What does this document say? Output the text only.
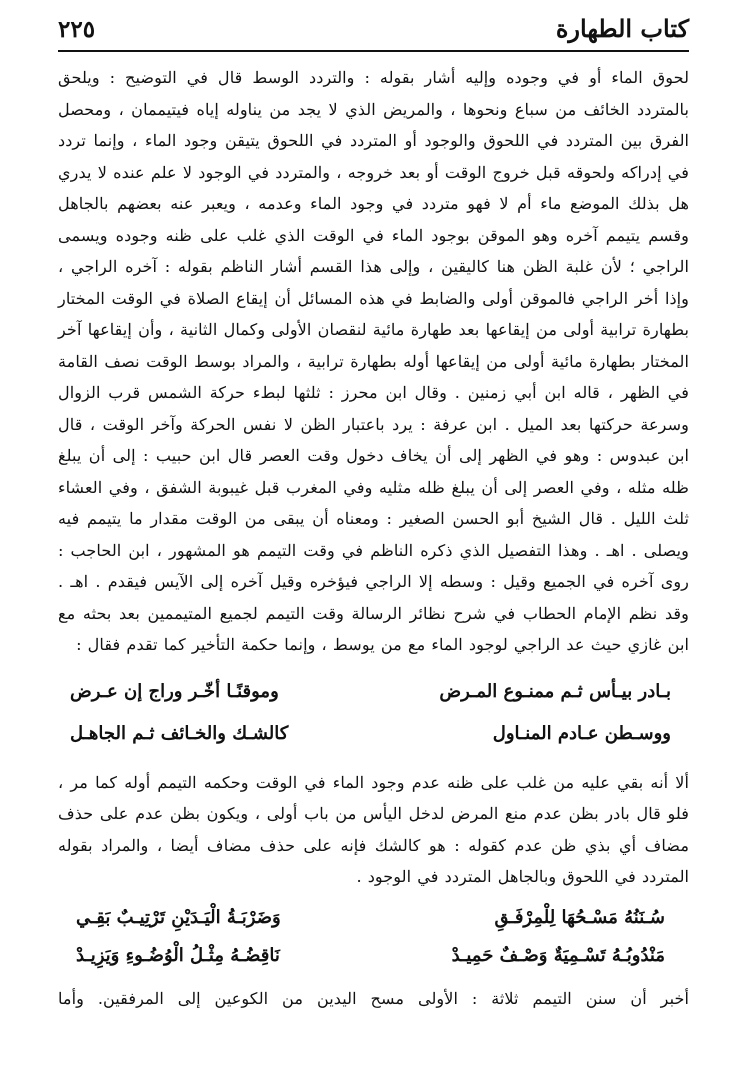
كتاب الطهارة
٢٢٥

لحوق الماء أو في وجوده وإليه أشار بقوله : والتردد الوسط قال في التوضيح : ويلحق بالمتردد الخائف من سباع ونحوها ، والمريض الذي لا يجد من يناوله إياه فيتيممان ، ومحصل الفرق بين المتردد في اللحوق والوجود أو المتردد في اللحوق يتيقن وجود الماء ، وإنما تردد في إدراكه ولحوقه قبل خروج الوقت أو بعد خروجه ، والمتردد في الوجود لا علم عنده لا يدري هل بذلك الموضع ماء أم لا فهو متردد في وجود الماء وعدمه ، ويعبر عنه بعضهم بالجاهل وقسم يتيمم آخره وهو الموقن بوجود الماء في الوقت الذي غلب على ظنه وجوده ويسمى الراجي ؛ لأن غلبة الظن هنا كاليقين ، وإلى هذا القسم أشار الناظم بقوله : آخره الراجي ، وإذا أخر الراجي فالموقن أولى والضابط في هذه المسائل أن إيقاع الصلاة في الوقت المختار بطهارة ترابية أولى من إيقاعها بعد طهارة مائية لنقصان الأولى وكمال الثانية ، وأن إيقاعها آخر المختار بطهارة مائية أولى من إيقاعها أوله بطهارة ترابية ، والمراد بوسط الوقت نصف القامة في الظهر ، قاله ابن أبي زمنين . وقال ابن محرز : ثلثها لبطء حركة الشمس قرب الزوال وسرعة حركتها بعد الميل . ابن عرفة : يرد باعتبار الظن لا نفس الحركة وآخر الوقت ، قال ابن عبدوس : وهو في الظهر إلى أن يخاف دخول وقت العصر قال ابن حبيب : إلى أن يبلغ ظله مثله ، وفي العصر إلى أن يبلغ ظله مثليه وفي المغرب قبل غيبوبة الشفق ، وفي العشاء ثلث الليل . قال الشيخ أبو الحسن الصغير : ومعناه أن يبقى من الوقت مقدار ما يتيمم فيه ويصلى . اهـ . وهذا التفصيل الذي ذكره الناظم في وقت التيمم هو المشهور ، ابن الحاجب : روى آخره في الجميع وقيل : وسطه إلا الراجي فيؤخره وقيل آخره إلى الآيس فيقدم . اهـ . وقد نظم الإمام الحطاب في شرح نظائر الرسالة وقت التيمم لجميع المتيممين بعد بحثه مع ابن غازي حيث عد الراجي لوجود الماء مع من يوسط ، وإنما حكمة التأخير كما تقدم فقال :

بـادر بيـأس ثـم ممنـوع المـرض
وموقنًـا أخّـر وراج إن عـرض
ووسـطن عـادم المنـاول
كالشـك والخـائف ثـم الجاهـل

ألا أنه بقي عليه من غلب على ظنه عدم وجود الماء في الوقت وحكمه التيمم أوله كما مر ، فلو قال بادر بظن عدم منع المرض لدخل اليأس من باب أولى ، ويكون بظن عدم على حذف مضاف أي بذي ظن عدم كقوله : هو كالشك فإنه على حذف مضاف أيضا ، والمراد بقوله المتردد في اللحوق وبالجاهل المتردد في الوجود .

سُـنَنُهُ مَسْـحُهَا لِلْمِرْفَـقِ
وَضَرْبَـةُ الْيَـدَيْنِ تَرْتِيـبٌ بَقِـي
مَنْدُوبُـهُ تَسْـمِيَةٌ وَصْـفٌ حَمِيـدْ
نَاقِضُـهُ مِثْـلُ الْوُضُـوءِ وَيَزِيـدْ

أخبر أن سنن التيمم ثلاثة : الأولى مسح اليدين من الكوعين إلى المرفقين. وأما
